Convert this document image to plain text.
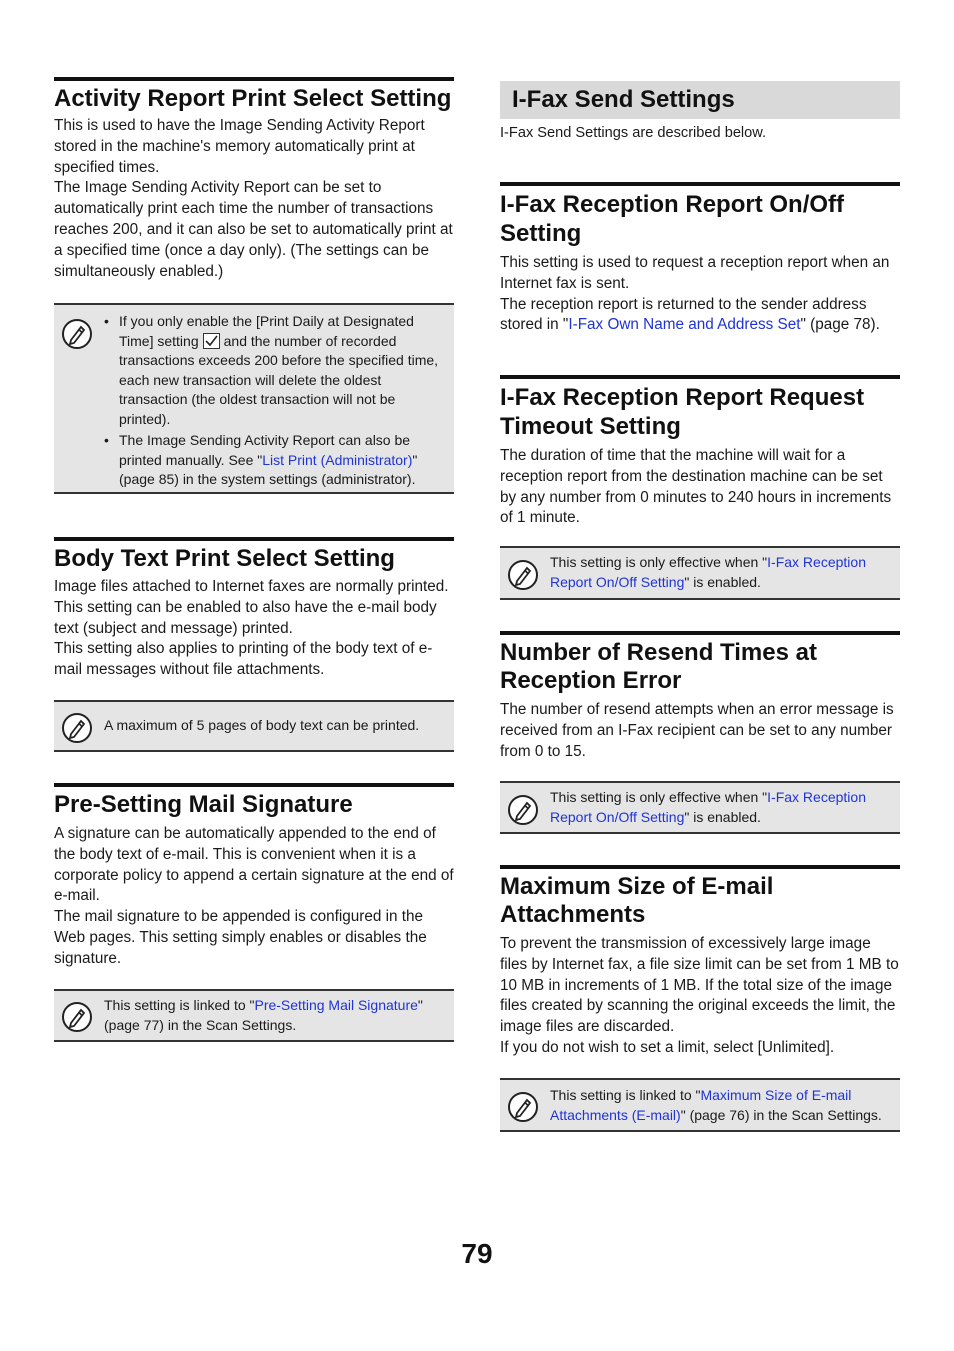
Activity Report Print Select Setting

This is used to have the Image Sending Activity Report stored in the machine's memory automatically print at specified times.

The Image Sending Activity Report can be set to automatically print each time the number of transactions reaches 200, and it can also be set to automatically print at a specified time (once a day only). (The settings can be simultaneously enabled.)

• If you only enable the [Print Daily at Designated Time] setting and the number of recorded transactions exceeds 200 before the specified time, each new transaction will delete the oldest transaction (the oldest transaction will not be printed).
• The Image Sending Activity Report can also be printed manually. See "List Print (Administrator)" (page 85) in the system settings (administrator).
Body Text Print Select Setting

Image files attached to Internet faxes are normally printed. This setting can be enabled to also have the e-mail body text (subject and message) printed.

This setting also applies to printing of the body text of e-mail messages without file attachments.

A maximum of 5 pages of body text can be printed.
Pre-Setting Mail Signature

A signature can be automatically appended to the end of the body text of e-mail. This is convenient when it is a corporate policy to append a certain signature at the end of e-mail.

The mail signature to be appended is configured in the Web pages. This setting simply enables or disables the signature.

This setting is linked to "Pre-Setting Mail Signature" (page 77) in the Scan Settings.
I-Fax Send Settings

I-Fax Send Settings are described below.

I-Fax Reception Report On/Off Setting

This setting is used to request a reception report when an Internet fax is sent.

The reception report is returned to the sender address stored in "I-Fax Own Name and Address Set" (page 78).

I-Fax Reception Report Request Timeout Setting

The duration of time that the machine will wait for a reception report from the destination machine can be set by any number from 0 minutes to 240 hours in increments of 1 minute.

This setting is only effective when "I-Fax Reception Report On/Off Setting" is enabled.
Number of Resend Times at Reception Error

The number of resend attempts when an error message is received from an I-Fax recipient can be set to any number from 0 to 15.

This setting is only effective when "I-Fax Reception Report On/Off Setting" is enabled.
Maximum Size of E-mail Attachments

To prevent the transmission of excessively large image files by Internet fax, a file size limit can be set from 1 MB to 10 MB in increments of 1 MB. If the total size of the image files created by scanning the original exceeds the limit, the image files are discarded.

If you do not wish to set a limit, select [Unlimited].

This setting is linked to "Maximum Size of E-mail Attachments (E-mail)" (page 76) in the Scan Settings.
79
